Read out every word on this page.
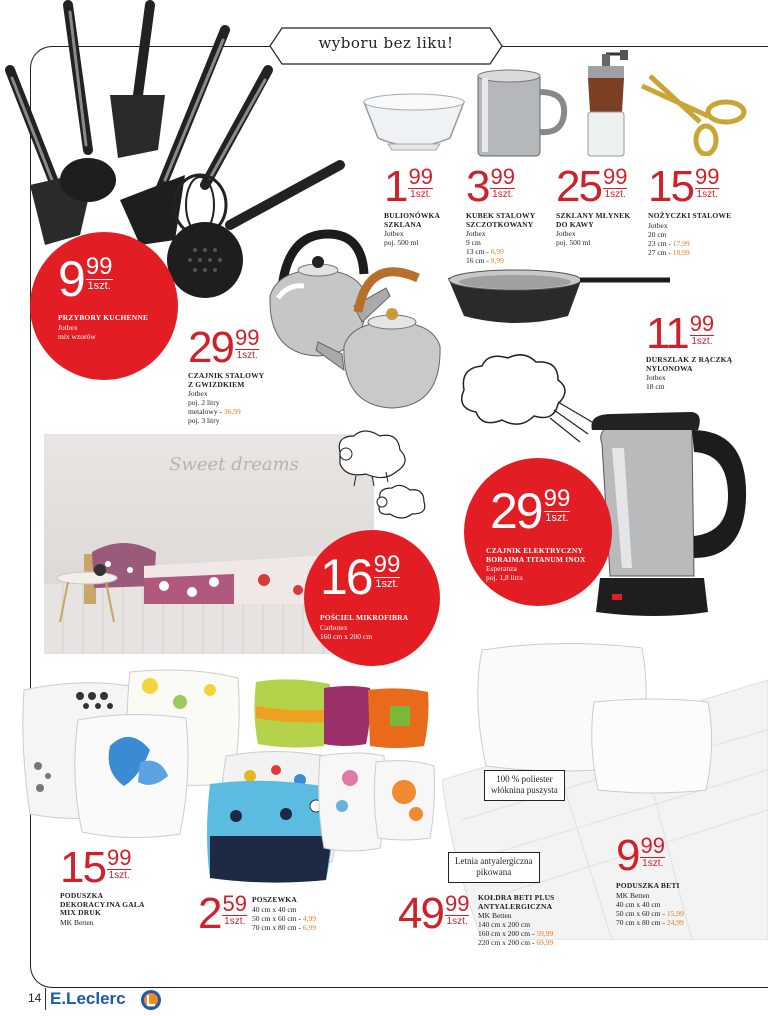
wyboru bez liku!
9 99
1szt.
PRZYBORY KUCHENNE
Jotbex
mix wzorów
1 99
1szt.
BULIONÓWKA
SZKLANA
Jotbex
poj. 500 ml
3 99
1szt.
KUBEK STALOWY
SZCZOTKOWANY
Jotbex
9 cm
13 cm - 6,99
16 cm - 9,99
25 99
1szt.
SZKLANY MŁYNEK
DO KAWY
Jotbex
poj. 500 ml
15 99
1szt.
NOŻYCZKI STALOWE
Jotbex
20 cm
23 cm - 17,99
27 cm - 18,99
29 99
1szt.
CZAJNIK STALOWY
Z GWIZDKIEM
Jotbex
poj. 2 litry
metalowy - 36,99
poj. 3 litry
11 99
1szt.
DURSZLAK Z RĄCZKĄ
NYLONOWA
Jotbex
18 cm
29 99
1szt.
CZAJNIK ELEKTRYCZNY
BORAIMA TITANUM INOX
Esperanza
poj. 1,8 litra
Sweet dreams
16 99
1szt.
POŚCIEL MIKROFIBRA
Carbotex
160 cm x 200 cm
100 % poliester
włóknina puszysta
Letnia antyalergiczna
pikowana
15 99
1szt.
PODUSZKA
DEKORACYJNA GALA
MIX DRUK
MK Betten	2 59
1szt.
POSZEWKA
40 cm x 40 cm
50 cm x 60 cm - 4,99
70 cm x 80 cm - 6,99 49 99
1szt.
KOŁDRA BETI PLUS
ANTYALERGICZNA
MK Betten
140 cm x 200 cm
160 cm x 200 cm - 59,99
220 cm x 200 cm - 69,99
9 99
1szt.
PODUSZKA BETI
MK Betten
40 cm x 40 cm
50 cm x 60 cm - 15,99
70 cm x 80 cm - 24,99
14 E.Leclerc
